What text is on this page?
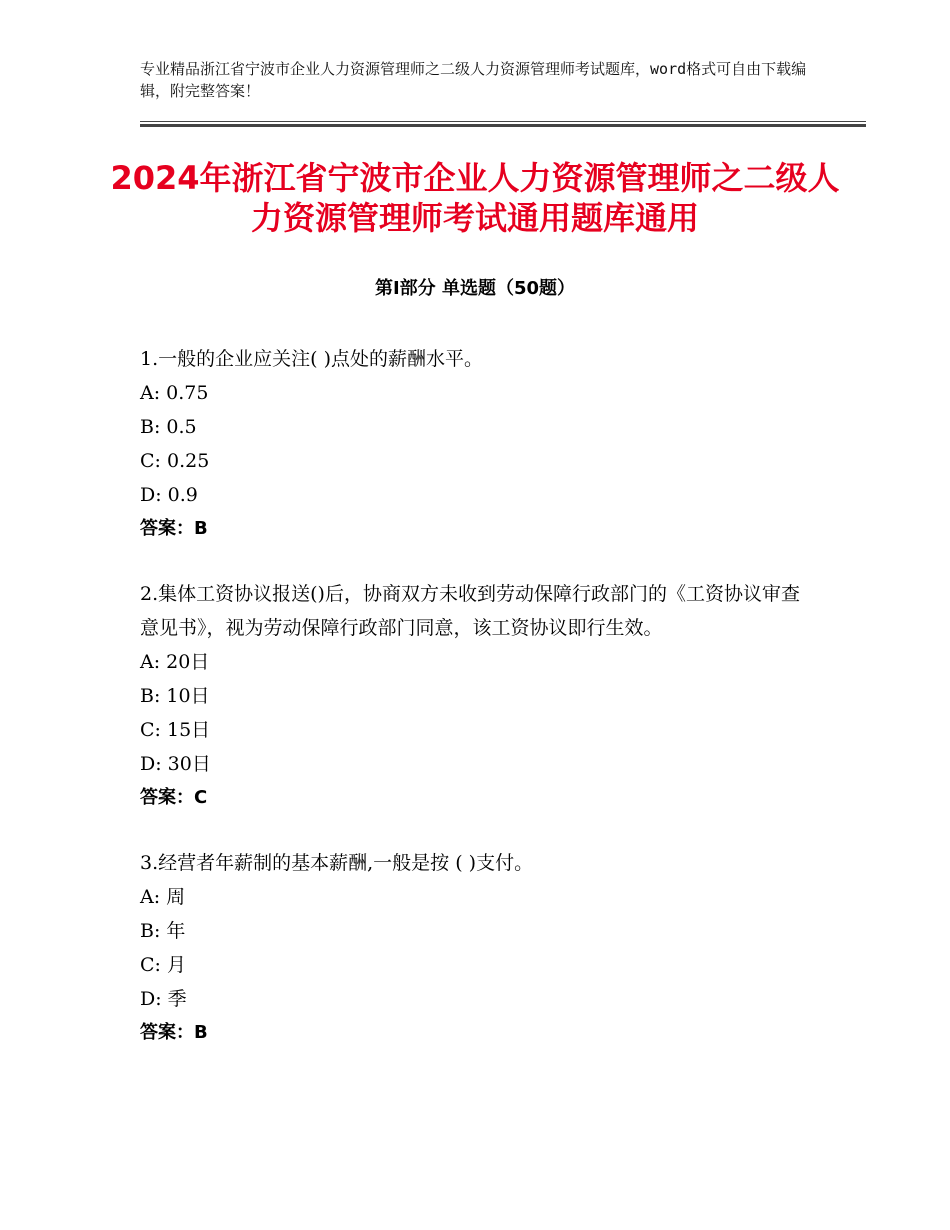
专业精品浙江省宁波市企业人力资源管理师之二级人力资源管理师考试题库，word格式可自由下载编辑，附完整答案！
2024年浙江省宁波市企业人力资源管理师之二级人力资源管理师考试通用题库通用
第Ⅰ部分 单选题（50题）
1.一般的企业应关注( )点处的薪酬水平。
A: 0.75
B: 0.5
C: 0.25
D: 0.9
答案：B
2.集体工资协议报送()后，协商双方未收到劳动保障行政部门的《工资协议审查意见书》，视为劳动保障行政部门同意，该工资协议即行生效。
A: 20日
B: 10日
C: 15日
D: 30日
答案：C
3.经营者年薪制的基本薪酬,一般是按 ( )支付。
A: 周
B: 年
C: 月
D: 季
答案：B
